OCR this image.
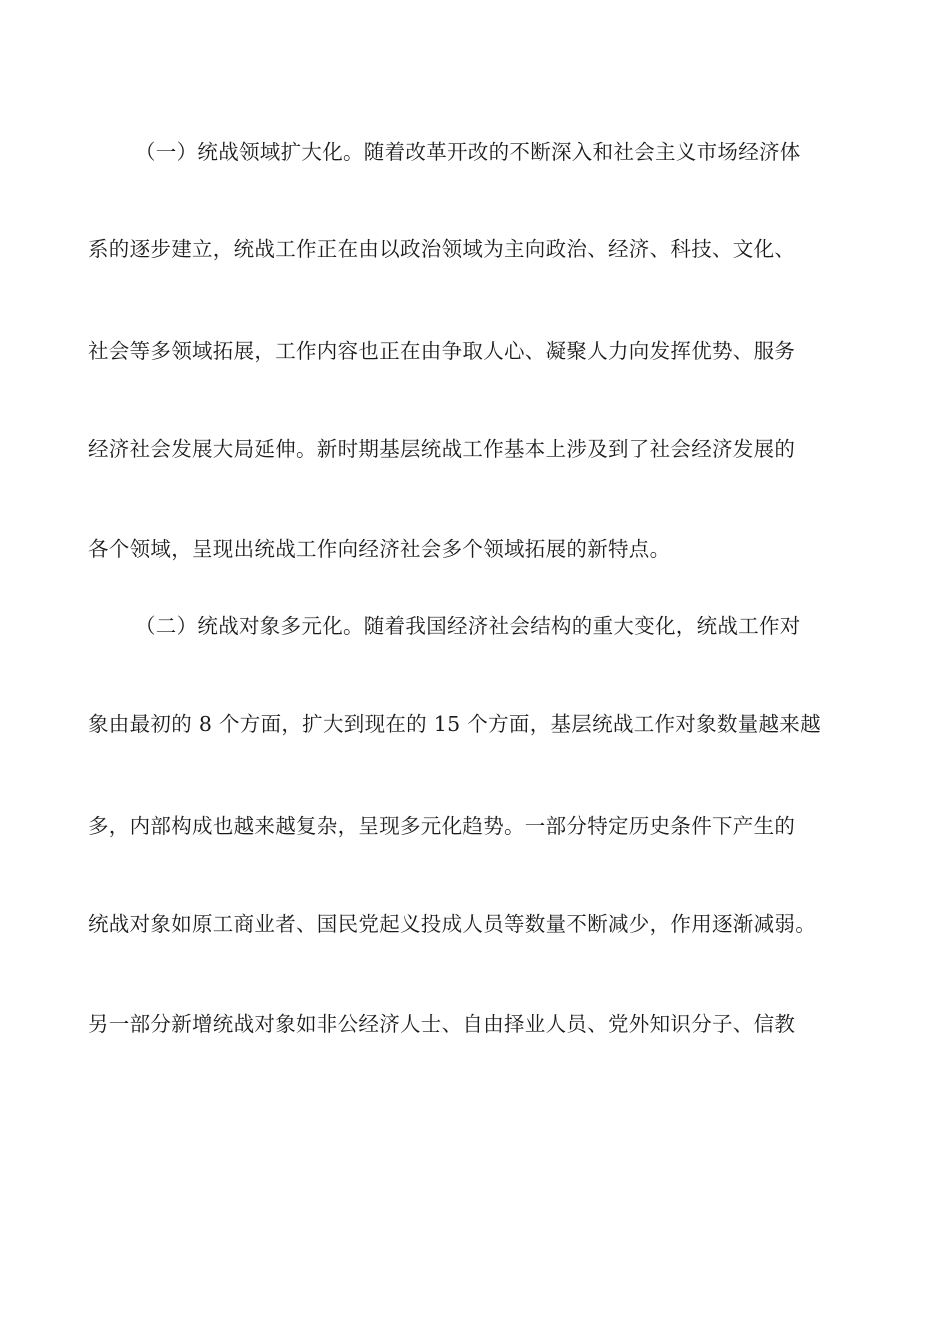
（一）统战领域扩大化。随着改革开改的不断深入和社会主义市场经济体
系的逐步建立，统战工作正在由以政治领域为主向政治、经济、科技、文化、
社会等多领域拓展，工作内容也正在由争取人心、凝聚人力向发挥优势、服务
经济社会发展大局延伸。新时期基层统战工作基本上涉及到了社会经济发展的
各个领域，呈现出统战工作向经济社会多个领域拓展的新特点。
（二）统战对象多元化。随着我国经济社会结构的重大变化，统战工作对
象由最初的 8 个方面，扩大到现在的 15 个方面，基层统战工作对象数量越来越
多，内部构成也越来越复杂，呈现多元化趋势。一部分特定历史条件下产生的
统战对象如原工商业者、国民党起义投成人员等数量不断减少，作用逐渐减弱。
另一部分新增统战对象如非公经济人士、自由择业人员、党外知识分子、信教
